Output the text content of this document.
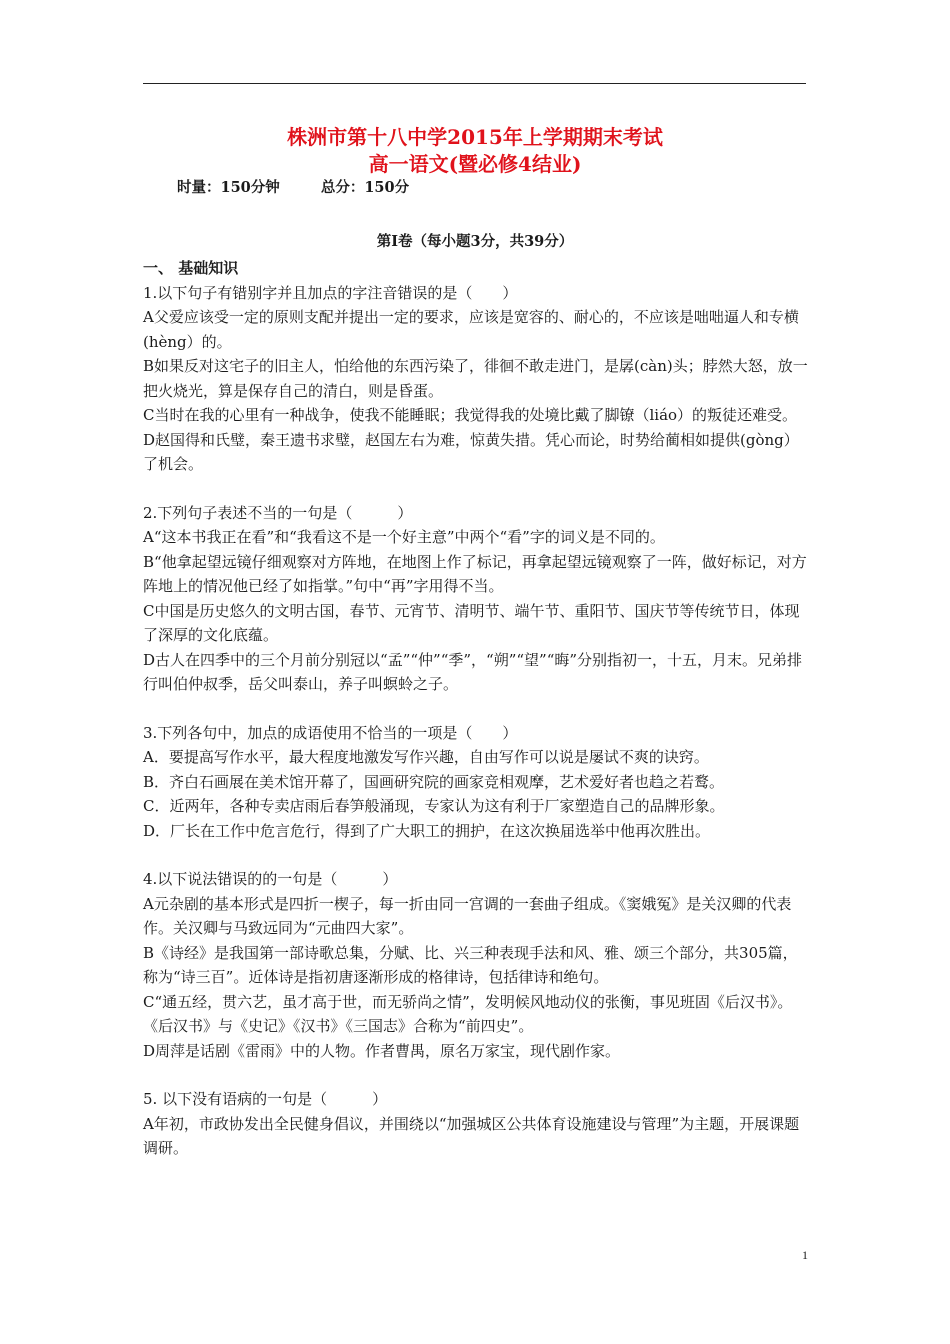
株洲市第十八中学2015年上学期期末考试
高一语文(暨必修4结业)
时量：150分钟	总分：150分
第Ⅰ卷（每小题3分，共39分）

一、 基础知识

1.以下句子有错别字并且加点的字注音错误的是（　　）

A父爱应该受一定的原则支配并提出一定的要求，应该是宽容的、耐心的，不应该是咄咄逼人和专横(hèng）的。

B如果反对这宅子的旧主人，怕给他的东西污染了，徘徊不敢走进门，是孱(càn)头；脖然大怒，放一把火烧光，算是保存自己的清白，则是昏蛋。

C当时在我的心里有一种战争，使我不能睡眠；我觉得我的处境比戴了脚镣（liáo）的叛徒还难受。

D赵国得和氏璧，秦王遗书求璧，赵国左右为难，惊黄失措。凭心而论，时势给蔺相如提供(gòng）了机会。

2.下列句子表述不当的一句是（　　　）

A“这本书我正在看”和“我看这不是一个好主意”中两个“看”字的词义是不同的。

B“他拿起望远镜仔细观察对方阵地，在地图上作了标记，再拿起望远镜观察了一阵，做好标记，对方阵地上的情况他已经了如指掌。”句中“再”字用得不当。

C中国是历史悠久的文明古国，春节、元宵节、清明节、端午节、重阳节、国庆节等传统节日，体现了深厚的文化底蕴。

D古人在四季中的三个月前分别冠以“孟”“仲”“季”，“朔”“望”“晦”分别指初一，十五，月末。兄弟排行叫伯仲叔季，岳父叫泰山，养子叫螟蛉之子。

3.下列各句中，加点的成语使用不恰当的一项是（　　）

A．要提高写作水平，最大程度地激发写作兴趣，自由写作可以说是屡试不爽的诀窍。

B．齐白石画展在美术馆开幕了，国画研究院的画家竞相观摩，艺术爱好者也趋之若鹜。

C．近两年，各种专卖店雨后春笋般涌现，专家认为这有利于厂家塑造自己的品牌形象。

D．厂长在工作中危言危行，得到了广大职工的拥护，在这次换届选举中他再次胜出。

4.以下说法错误的的一句是（　　　）

A元杂剧的基本形式是四折一楔子，每一折由同一宫调的一套曲子组成。《窦娥冤》是关汉卿的代表作。关汉卿与马致远同为“元曲四大家”。

B《诗经》是我国第一部诗歌总集，分赋、比、兴三种表现手法和风、雅、颂三个部分，共305篇，称为“诗三百”。近体诗是指初唐逐渐形成的格律诗，包括律诗和绝句。

C“通五经，贯六艺，虽才高于世，而无骄尚之情”，发明候风地动仪的张衡，事见班固《后汉书》。《后汉书》与《史记》《汉书》《三国志》合称为“前四史”。

D周萍是话剧《雷雨》中的人物。作者曹禺，原名万家宝，现代剧作家。

5. 以下没有语病的一句是（　　　）

A年初，市政协发出全民健身倡议，并围绕以“加强城区公共体育设施建设与管理”为主题，开展课题调研。

1
